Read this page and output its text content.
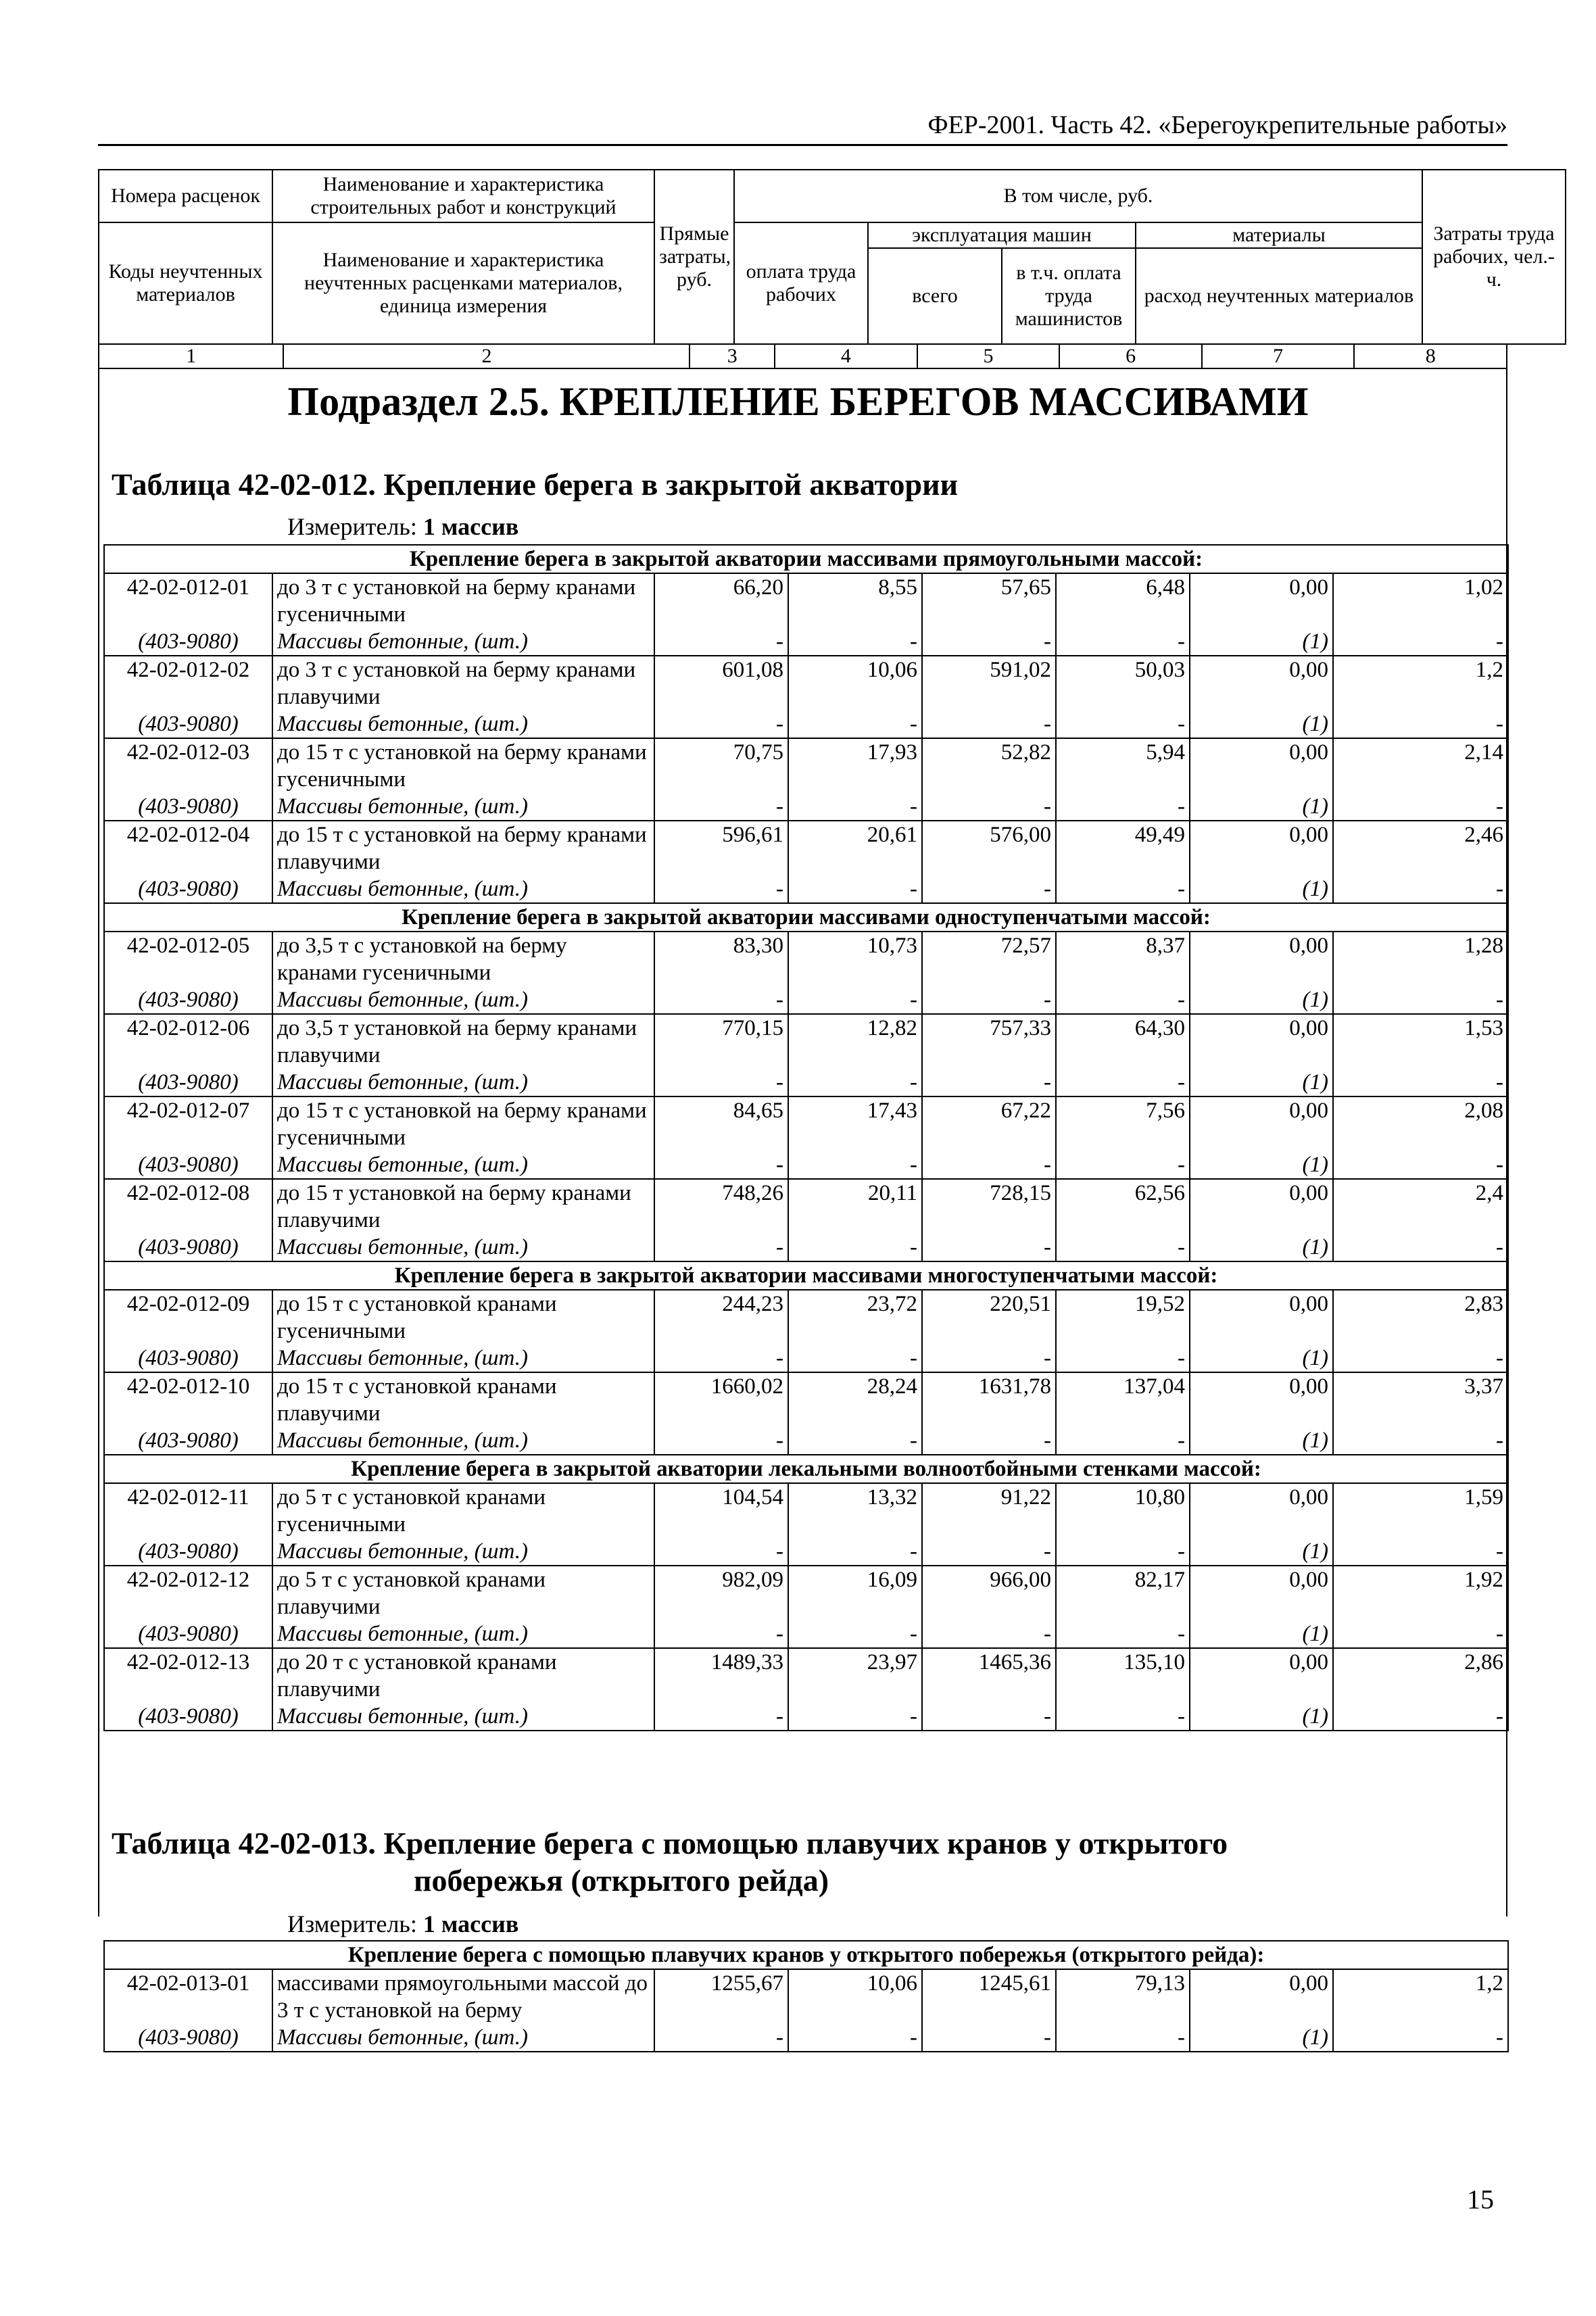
ФЕР-2001. Часть 42. «Берегоукрепительные работы»
Номера расценок	Наименование и характеристика строительных работ и конструкций	Прямые затраты, руб.	В том числе, руб.				Затраты труда рабочих, чел.-ч.
Коды неучтенных материалов	Наименование и характеристика неучтенных расценками материалов, единица измерения		оплата труда рабочих	эксплуатация машин		материалы	
				всего	в т.ч. оплата труда машинистов	расход неучтенных материалов	
1	2	3	4	5	6	7	8
Подраздел 2.5. КРЕПЛЕНИЕ БЕРЕГОВ МАССИВАМИ
Таблица 42-02-012. Крепление берега в закрытой акватории
Измеритель: 1 массив
Крепление берега в закрытой акватории массивами прямоугольными массой:							
42-02-012-01	до 3 т с установкой на берму кранами гусеничными	66,20	8,55	57,65	6,48	0,00	1,02
(403-9080)	Массивы бетонные, (шт.)	-	-	-	-	(1)	-
42-02-012-02	до 3 т с установкой на берму кранами плавучими	601,08	10,06	591,02	50,03	0,00	1,2
(403-9080)	Массивы бетонные, (шт.)	-	-	-	-	(1)	-
42-02-012-03	до 15 т с установкой на берму кранами гусеничными	70,75	17,93	52,82	5,94	0,00	2,14
(403-9080)	Массивы бетонные, (шт.)	-	-	-	-	(1)	-
42-02-012-04	до 15 т с установкой на берму кранами плавучими	596,61	20,61	576,00	49,49	0,00	2,46
(403-9080)	Массивы бетонные, (шт.)	-	-	-	-	(1)	-
Крепление берега в закрытой акватории массивами одноступенчатыми массой:							
42-02-012-05	до 3,5 т с установкой на берму кранами гусеничными	83,30	10,73	72,57	8,37	0,00	1,28
(403-9080)	Массивы бетонные, (шт.)	-	-	-	-	(1)	-
42-02-012-06	до 3,5 т установкой на берму кранами плавучими	770,15	12,82	757,33	64,30	0,00	1,53
(403-9080)	Массивы бетонные, (шт.)	-	-	-	-	(1)	-
42-02-012-07	до 15 т с установкой на берму кранами гусеничными	84,65	17,43	67,22	7,56	0,00	2,08
(403-9080)	Массивы бетонные, (шт.)	-	-	-	-	(1)	-
42-02-012-08	до 15 т установкой на берму кранами плавучими	748,26	20,11	728,15	62,56	0,00	2,4
(403-9080)	Массивы бетонные, (шт.)	-	-	-	-	(1)	-
Крепление берега в закрытой акватории массивами многоступенчатыми массой:							
42-02-012-09	до 15 т с установкой кранами гусеничными	244,23	23,72	220,51	19,52	0,00	2,83
(403-9080)	Массивы бетонные, (шт.)	-	-	-	-	(1)	-
42-02-012-10	до 15 т с установкой кранами плавучими	1660,02	28,24	1631,78	137,04	0,00	3,37
(403-9080)	Массивы бетонные, (шт.)	-	-	-	-	(1)	-
Крепление берега в закрытой акватории лекальными волноотбойными стенками массой:							
42-02-012-11	до 5 т с установкой кранами гусеничными	104,54	13,32	91,22	10,80	0,00	1,59
(403-9080)	Массивы бетонные, (шт.)	-	-	-	-	(1)	-
42-02-012-12	до 5 т с установкой кранами плавучими	982,09	16,09	966,00	82,17	0,00	1,92
(403-9080)	Массивы бетонные, (шт.)	-	-	-	-	(1)	-
42-02-012-13	до 20 т с установкой кранами плавучими	1489,33	23,97	1465,36	135,10	0,00	2,86
(403-9080)	Массивы бетонные, (шт.)	-	-	-	-	(1)	-
Таблица 42-02-013. Крепление берега с помощью плавучих кранов у открытого
побережья (открытого рейда)
Измеритель: 1 массив
Крепление берега с помощью плавучих кранов у открытого побережья (открытого рейда):							
42-02-013-01	массивами прямоугольными массой до 3 т с установкой на берму	1255,67	10,06	1245,61	79,13	0,00	1,2
(403-9080)	Массивы бетонные, (шт.)	-	-	-	-	(1)	-
15
